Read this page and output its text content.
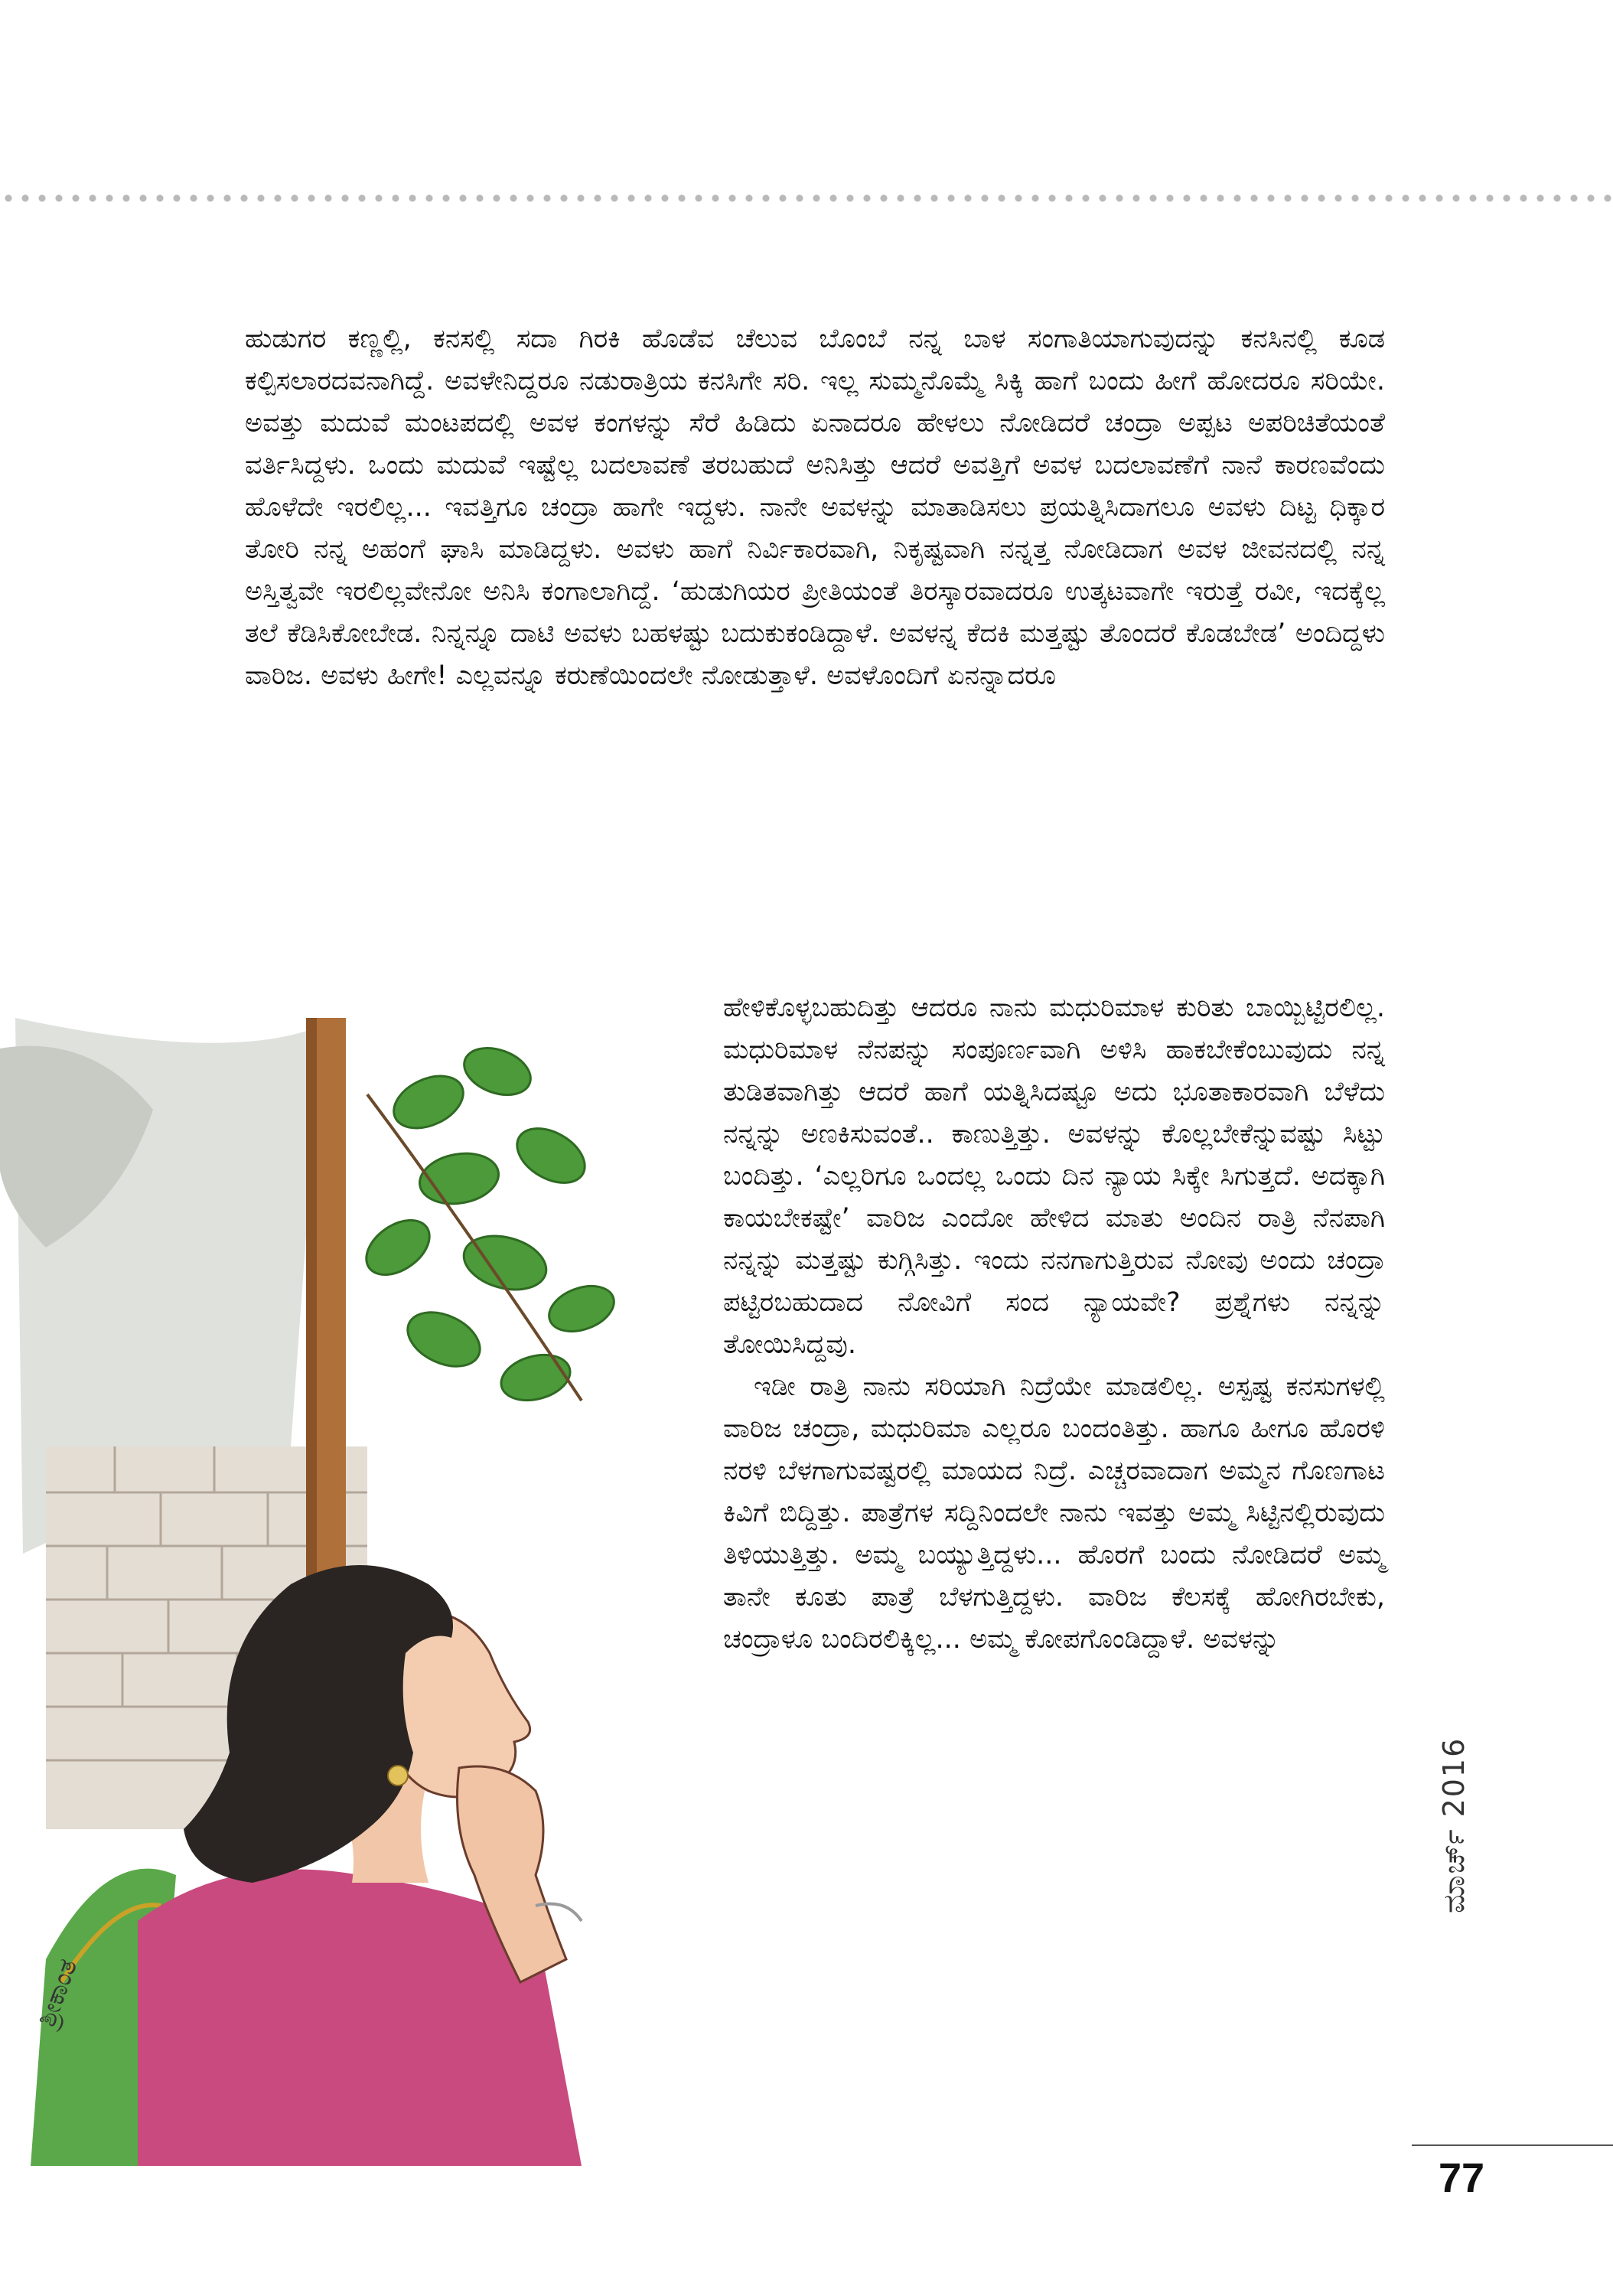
ಹುಡುಗರ ಕಣ್ಣಲ್ಲಿ, ಕನಸಲ್ಲಿ ಸದಾ ಗಿರಕಿ ಹೊಡೆವ ಚೆಲುವ ಬೊಂಬೆ ನನ್ನ ಬಾಳ ಸಂಗಾತಿಯಾಗುವುದನ್ನು ಕನಸಿನಲ್ಲಿ ಕೂಡ ಕಲ್ಪಿಸಲಾರದವನಾಗಿದ್ದೆ. ಅವಳೇನಿದ್ದರೂ ನಡುರಾತ್ರಿಯ ಕನಸಿಗೇ ಸರಿ. ಇಲ್ಲ ಸುಮ್ಮನೊಮ್ಮೆ ಸಿಕ್ಕಿ ಹಾಗೆ ಬಂದು ಹೀಗೆ ಹೋದರೂ ಸರಿಯೇ. ಅವತ್ತು ಮದುವೆ ಮಂಟಪದಲ್ಲಿ ಅವಳ ಕಂಗಳನ್ನು ಸೆರೆ ಹಿಡಿದು ಏನಾದರೂ ಹೇಳಲು ನೋಡಿದರೆ ಚಂದ್ರಾ ಅಪ್ಪಟ ಅಪರಿಚಿತೆಯಂತೆ ವರ್ತಿಸಿದ್ದಳು. ಒಂದು ಮದುವೆ ಇಷ್ಟೆಲ್ಲ ಬದಲಾವಣೆ ತರಬಹುದೆ ಅನಿಸಿತ್ತು ಆದರೆ ಅವತ್ತಿಗೆ ಅವಳ ಬದಲಾವಣೆಗೆ ನಾನೆ ಕಾರಣವೆಂದು ಹೊಳೆದೇ ಇರಲಿಲ್ಲ... ಇವತ್ತಿಗೂ ಚಂದ್ರಾ ಹಾಗೇ ಇದ್ದಳು. ನಾನೇ ಅವಳನ್ನು ಮಾತಾಡಿಸಲು ಪ್ರಯತ್ನಿಸಿದಾಗಲೂ ಅವಳು ದಿಟ್ಟ ಧಿಕ್ಕಾರ ತೋರಿ ನನ್ನ ಅಹಂಗೆ ಘಾಸಿ ಮಾಡಿದ್ದಳು. ಅವಳು ಹಾಗೆ ನಿರ್ವಿಕಾರವಾಗಿ, ನಿಕೃಷ್ಟವಾಗಿ ನನ್ನತ್ತ ನೋಡಿದಾಗ ಅವಳ ಜೀವನದಲ್ಲಿ ನನ್ನ ಅಸ್ತಿತ್ವವೇ ಇರಲಿಲ್ಲವೇನೋ ಅನಿಸಿ ಕಂಗಾಲಾಗಿದ್ದೆ. ‘ಹುಡುಗಿಯರ ಪ್ರೀತಿಯಂತೆ ತಿರಸ್ಕಾರವಾದರೂ ಉತ್ಕಟವಾಗೇ ಇರುತ್ತೆ ರವೀ, ಇದಕ್ಕೆಲ್ಲ ತಲೆ ಕೆಡಿಸಿಕೋಬೇಡ. ನಿನ್ನನ್ನೂ ದಾಟಿ ಅವಳು ಬಹಳಷ್ಟು ಬದುಕುಕಂಡಿದ್ದಾಳೆ. ಅವಳನ್ನ ಕೆದಕಿ ಮತ್ತಷ್ಟು ತೊಂದರೆ ಕೊಡಬೇಡ’ ಅಂದಿದ್ದಳು ವಾರಿಜ. ಅವಳು ಹೀಗೇ! ಎಲ್ಲವನ್ನೂ ಕರುಣೆಯಿಂದಲೇ ನೋಡುತ್ತಾಳೆ. ಅವಳೊಂದಿಗೆ ಏನನ್ನಾದರೂ

ಶ್ರೀಕಾಂತ

ಹೇಳಿಕೊಳ್ಳಬಹುದಿತ್ತು ಆದರೂ ನಾನು ಮಧುರಿಮಾಳ ಕುರಿತು ಬಾಯ್ಬಿಟ್ಟಿರಲಿಲ್ಲ. ಮಧುರಿಮಾಳ ನೆನಪನ್ನು ಸಂಪೂರ್ಣವಾಗಿ ಅಳಿಸಿ ಹಾಕಬೇಕೆಂಬುವುದು ನನ್ನ ತುಡಿತವಾಗಿತ್ತು ಆದರೆ ಹಾಗೆ ಯತ್ನಿಸಿದಷ್ಟೂ ಅದು ಭೂತಾಕಾರವಾಗಿ ಬೆಳೆದು ನನ್ನನ್ನು ಅಣಕಿಸುವಂತೆ.. ಕಾಣುತ್ತಿತ್ತು. ಅವಳನ್ನು ಕೊಲ್ಲಬೇಕೆನ್ನುವಷ್ಟು ಸಿಟ್ಟು ಬಂದಿತ್ತು. ‘ಎಲ್ಲರಿಗೂ ಒಂದಲ್ಲ ಒಂದು ದಿನ ನ್ಯಾಯ ಸಿಕ್ಕೇ ಸಿಗುತ್ತದೆ. ಅದಕ್ಕಾಗಿ ಕಾಯಬೇಕಷ್ಟೇ’ ವಾರಿಜ ಎಂದೋ ಹೇಳಿದ ಮಾತು ಅಂದಿನ ರಾತ್ರಿ ನೆನಪಾಗಿ ನನ್ನನ್ನು ಮತ್ತಷ್ಟು ಕುಗ್ಗಿಸಿತ್ತು. ಇಂದು ನನಗಾಗುತ್ತಿರುವ ನೋವು ಅಂದು ಚಂದ್ರಾ ಪಟ್ಟಿರಬಹುದಾದ ನೋವಿಗೆ ಸಂದ ನ್ಯಾಯವೇ? ಪ್ರಶ್ನೆಗಳು ನನ್ನನ್ನು ತೋಯಿಸಿದ್ದವು.

ಇಡೀ ರಾತ್ರಿ ನಾನು ಸರಿಯಾಗಿ ನಿದ್ರೆಯೇ ಮಾಡಲಿಲ್ಲ. ಅಸ್ಪಷ್ಟ ಕನಸುಗಳಲ್ಲಿ ವಾರಿಜ ಚಂದ್ರಾ, ಮಧುರಿಮಾ ಎಲ್ಲರೂ ಬಂದಂತಿತ್ತು. ಹಾಗೂ ಹೀಗೂ ಹೊರಳಿ ನರಳಿ ಬೆಳಗಾಗುವಷ್ಟರಲ್ಲಿ ಮಾಯದ ನಿದ್ರೆ. ಎಚ್ಚರವಾದಾಗ ಅಮ್ಮನ ಗೊಣಗಾಟ ಕಿವಿಗೆ ಬಿದ್ದಿತ್ತು. ಪಾತ್ರೆಗಳ ಸದ್ದಿನಿಂದಲೇ ನಾನು ಇವತ್ತು ಅಮ್ಮ ಸಿಟ್ಟಿನಲ್ಲಿರುವುದು ತಿಳಿಯುತ್ತಿತ್ತು. ಅಮ್ಮ ಬಯ್ಯುತ್ತಿದ್ದಳು... ಹೊರಗೆ ಬಂದು ನೋಡಿದರೆ ಅಮ್ಮ ತಾನೇ ಕೂತು ಪಾತ್ರೆ ಬೆಳಗುತ್ತಿದ್ದಳು. ವಾರಿಜ ಕೆಲಸಕ್ಕೆ ಹೋಗಿರಬೇಕು, ಚಂದ್ರಾಳೂ ಬಂದಿರಲಿಕ್ಕಿಲ್ಲ... ಅಮ್ಮ ಕೋಪಗೊಂಡಿದ್ದಾಳೆ. ಅವಳನ್ನು

ಮಾರ್ಚ್ 2016
77
